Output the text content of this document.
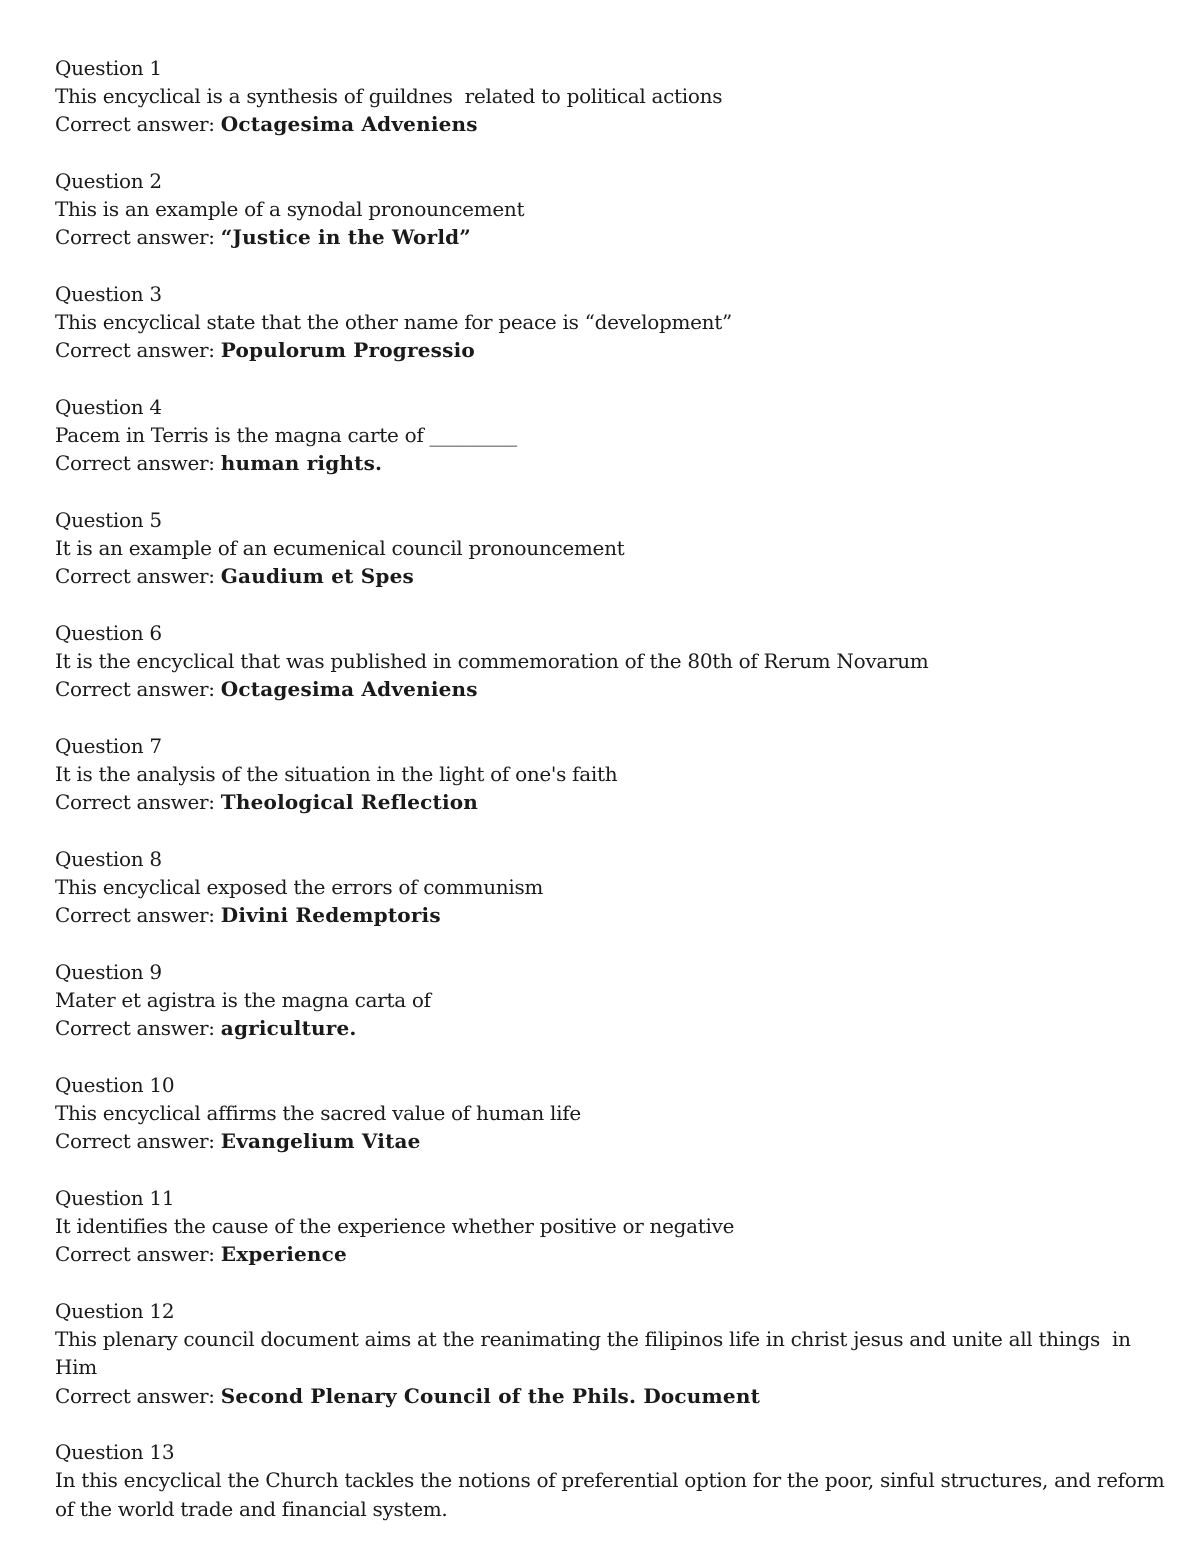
Question 1
This encyclical is a synthesis of guildnes  related to political actions
Correct answer: Octagesima Adveniens
Question 2
This is an example of a synodal pronouncement
Correct answer: “Justice in the World”
Question 3
This encyclical state that the other name for peace is “development”
Correct answer: Populorum Progressio
Question 4
Pacem in Terris is the magna carte of _________
Correct answer: human rights.
Question 5
It is an example of an ecumenical council pronouncement
Correct answer: Gaudium et Spes
Question 6
It is the encyclical that was published in commemoration of the 80th of Rerum Novarum
Correct answer: Octagesima Adveniens
Question 7
It is the analysis of the situation in the light of one's faith
Correct answer: Theological Reflection
Question 8
This encyclical exposed the errors of communism
Correct answer: Divini Redemptoris
Question 9
Mater et agistra is the magna carta of
Correct answer: agriculture.
Question 10
This encyclical affirms the sacred value of human life
Correct answer: Evangelium Vitae
Question 11
It identifies the cause of the experience whether positive or negative
Correct answer: Experience
Question 12
This plenary council document aims at the reanimating the filipinos life in christ jesus and unite all things  in  Him
Correct answer: Second Plenary Council of the Phils. Document
Question 13
In this encyclical the Church tackles the notions of preferential option for the poor, sinful structures, and reform of the world trade and financial system.
